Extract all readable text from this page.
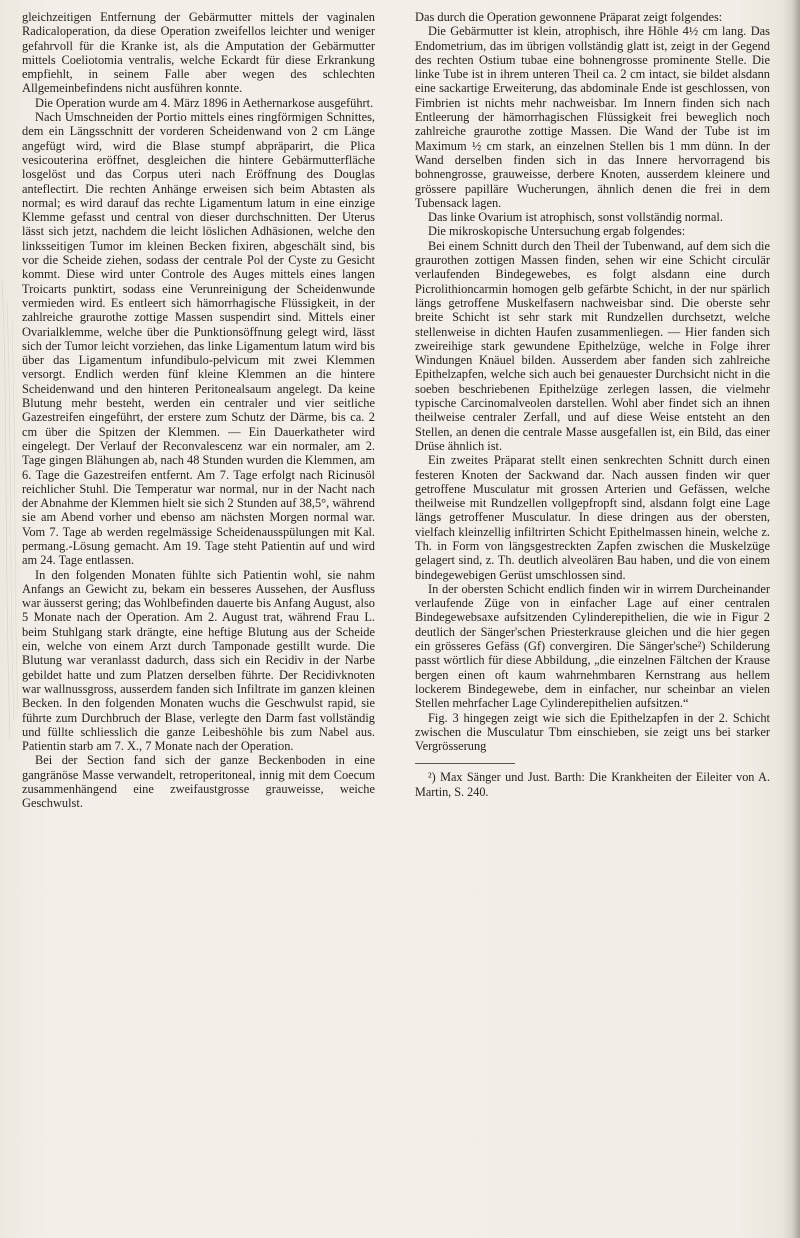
gleichzeitigen Entfernung der Gebärmutter mittels der vaginalen Radicaloperation, da diese Operation zweifellos leichter und weniger gefahrvoll für die Kranke ist, als die Amputation der Gebärmutter mittels Coeliotomia ventralis, welche Eckardt für diese Erkrankung empfiehlt, in seinem Falle aber wegen des schlechten Allgemeinbefindens nicht ausführen konnte.

Die Operation wurde am 4. März 1896 in Aethernarkose ausgeführt.

Nach Umschneiden der Portio mittels eines ringförmigen Schnittes, dem ein Längsschnitt der vorderen Scheidenwand von 2 cm Länge angefügt wird, wird die Blase stumpf abpräparirt, die Plica vesicouterina eröffnet, desgleichen die hintere Gebärmutterfläche losgelöst und das Corpus uteri nach Eröffnung des Douglas anteflectirt. Die rechten Anhänge erweisen sich beim Abtasten als normal; es wird darauf das rechte Ligamentum latum in eine einzige Klemme gefasst und central von dieser durchschnitten. Der Uterus lässt sich jetzt, nachdem die leicht löslichen Adhäsionen, welche den linksseitigen Tumor im kleinen Becken fixiren, abgeschält sind, bis vor die Scheide ziehen, sodass der centrale Pol der Cyste zu Gesicht kommt. Diese wird unter Controle des Auges mittels eines langen Troicarts punktirt, sodass eine Verunreinigung der Scheidenwunde vermieden wird. Es entleert sich hämorrhagische Flüssigkeit, in der zahlreiche graurothe zottige Massen suspendirt sind. Mittels einer Ovarialklemme, welche über die Punktionsöffnung gelegt wird, lässt sich der Tumor leicht vorziehen, das linke Ligamentum latum wird bis über das Ligamentum infundibulo-pelvicum mit zwei Klemmen versorgt. Endlich werden fünf kleine Klemmen an die hintere Scheidenwand und den hinteren Peritonealsaum angelegt. Da keine Blutung mehr besteht, werden ein centraler und vier seitliche Gazestreifen eingeführt, der erstere zum Schutz der Därme, bis ca. 2 cm über die Spitzen der Klemmen. — Ein Dauerkatheter wird eingelegt. Der Verlauf der Reconvalescenz war ein normaler, am 2. Tage gingen Blähungen ab, nach 48 Stunden wurden die Klemmen, am 6. Tage die Gazestreifen entfernt. Am 7. Tage erfolgt nach Ricinusöl reichlicher Stuhl. Die Temperatur war normal, nur in der Nacht nach der Abnahme der Klemmen hielt sie sich 2 Stunden auf 38,5°, während sie am Abend vorher und ebenso am nächsten Morgen normal war. Vom 7. Tage ab werden regelmässige Scheidenausspülungen mit Kal. permang.-Lösung gemacht. Am 19. Tage steht Patientin auf und wird am 24. Tage entlassen.

In den folgenden Monaten fühlte sich Patientin wohl, sie nahm Anfangs an Gewicht zu, bekam ein besseres Aussehen, der Ausfluss war äusserst gering; das Wohlbefinden dauerte bis Anfang August, also 5 Monate nach der Operation. Am 2. August trat, während Frau L. beim Stuhlgang stark drängte, eine heftige Blutung aus der Scheide ein, welche von einem Arzt durch Tamponade gestillt wurde. Die Blutung war veranlasst dadurch, dass sich ein Recidiv in der Narbe gebildet hatte und zum Platzen derselben führte. Der Recidivknoten war wallnussgross, ausserdem fanden sich Infiltrate im ganzen kleinen Becken. In den folgenden Monaten wuchs die Geschwulst rapid, sie führte zum Durchbruch der Blase, verlegte den Darm fast vollständig und füllte schliesslich die ganze Leibeshöhle bis zum Nabel aus. Patientin starb am 7. X., 7 Monate nach der Operation.

Bei der Section fand sich der ganze Beckenboden in eine gangränöse Masse verwandelt, retroperitoneal, innig mit dem Coecum zusammenhängend eine zweifaustgrosse grauweisse, weiche Geschwulst.

Das durch die Operation gewonnene Präparat zeigt folgendes:

Die Gebärmutter ist klein, atrophisch, ihre Höhle 4½ cm lang. Das Endometrium, das im übrigen vollständig glatt ist, zeigt in der Gegend des rechten Ostium tubae eine bohnengrosse prominente Stelle. Die linke Tube ist in ihrem unteren Theil ca. 2 cm intact, sie bildet alsdann eine sackartige Erweiterung, das abdominale Ende ist geschlossen, von Fimbrien ist nichts mehr nachweisbar. Im Innern finden sich nach Entleerung der hämorrhagischen Flüssigkeit frei beweglich noch zahlreiche graurothe zottige Massen. Die Wand der Tube ist im Maximum ½ cm stark, an einzelnen Stellen bis 1 mm dünn. In der Wand derselben finden sich in das Innere hervorragend bis bohnengrosse, grauweisse, derbere Knoten, ausserdem kleinere und grössere papilläre Wucherungen, ähnlich denen die frei in dem Tubensack lagen.

Das linke Ovarium ist atrophisch, sonst vollständig normal.

Die mikroskopische Untersuchung ergab folgendes:

Bei einem Schnitt durch den Theil der Tubenwand, auf dem sich die graurothen zottigen Massen finden, sehen wir eine Schicht circulär verlaufenden Bindegewebes, es folgt alsdann eine durch Picrolithioncarmin homogen gelb gefärbte Schicht, in der nur spärlich längs getroffene Muskelfasern nachweisbar sind. Die oberste sehr breite Schicht ist sehr stark mit Rundzellen durchsetzt, welche stellenweise in dichten Haufen zusammenliegen. — Hier fanden sich zweireihige stark gewundene Epithelzüge, welche in Folge ihrer Windungen Knäuel bilden. Ausserdem aber fanden sich zahlreiche Epithelzapfen, welche sich auch bei genauester Durchsicht nicht in die soeben beschriebenen Epithelzüge zerlegen lassen, die vielmehr typische Carcinomalveolen darstellen. Wohl aber findet sich an ihnen theilweise centraler Zerfall, und auf diese Weise entsteht an den Stellen, an denen die centrale Masse ausgefallen ist, ein Bild, das einer Drüse ähnlich ist.

Ein zweites Präparat stellt einen senkrechten Schnitt durch einen festeren Knoten der Sackwand dar. Nach aussen finden wir quer getroffene Musculatur mit grossen Arterien und Gefässen, welche theilweise mit Rundzellen vollgepfropft sind, alsdann folgt eine Lage längs getroffener Musculatur. In diese dringen aus der obersten, vielfach kleinzellig infiltrirten Schicht Epithelmassen hinein, welche z. Th. in Form von längsgestreckten Zapfen zwischen die Muskelzüge gelagert sind, z. Th. deutlich alveolären Bau haben, und die von einem bindegewebigen Gerüst umschlossen sind.

In der obersten Schicht endlich finden wir in wirrem Durcheinander verlaufende Züge von in einfacher Lage auf einer centralen Bindegewebsaxe aufsitzenden Cylinderepithelien, die wie in Figur 2 deutlich der Sänger'schen Priesterkrause gleichen und die hier gegen ein grösseres Gefäss (Gf) convergiren. Die Sänger'sche²) Schilderung passt wörtlich für diese Abbildung, „die einzelnen Fältchen der Krause bergen einen oft kaum wahrnehmbaren Kernstrang aus hellem lockerem Bindegewebe, dem in einfacher, nur scheinbar an vielen Stellen mehrfacher Lage Cylinderepithelien aufsitzen.“

Fig. 3 hingegen zeigt wie sich die Epithelzapfen in der 2. Schicht zwischen die Musculatur Tbm einschieben, sie zeigt uns bei starker Vergrösserung

²) Max Sänger und Just. Barth: Die Krankheiten der Eileiter von A. Martin, S. 240.
